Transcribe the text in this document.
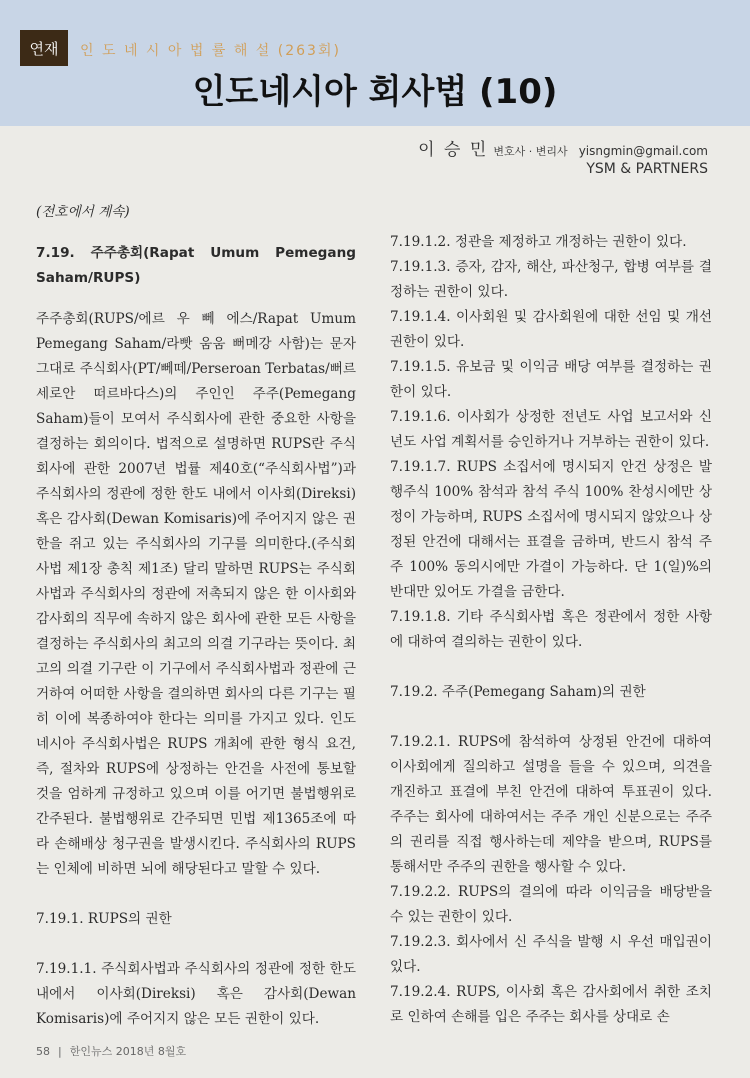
연재	인 도 네 시 아 법 률 해 설 (263회)
인도네시아 회사법 (10)
이 승 민 변호사 · 변리사 yisngmin@gmail.com
YSM & PARTNERS

(전호에서 계속)

7.19. 주주총회(Rapat Umum Pemegang Saham/RUPS)

주주총회(RUPS/에르 우 뻬 에스/Rapat Umum Pemegang Saham/라빳 움움 뻐메강 사함)는 문자 그대로 주식회사(PT/뻬떼/Perseroan Terbatas/뻐르세로안 떠르바다스)의 주인인 주주(Pemegang Saham)들이 모여서 주식회사에 관한 중요한 사항을 결정하는 회의이다. 법적으로 설명하면 RUPS란 주식회사에 관한 2007년 법률 제40호(“주식회사법”)과 주식회사의 정관에 정한 한도 내에서 이사회(Direksi) 혹은 감사회(Dewan Komisaris)에 주어지지 않은 권한을 쥐고 있는 주식회사의 기구를 의미한다.(주식회사법 제1장 총칙 제1조) 달리 말하면 RUPS는 주식회사법과 주식회사의 정관에 저촉되지 않은 한 이사회와 감사회의 직무에 속하지 않은 회사에 관한 모든 사항을 결정하는 주식회사의 최고의 의결 기구라는 뜻이다. 최고의 의결 기구란 이 기구에서 주식회사법과 정관에 근거하여 어떠한 사항을 결의하면 회사의 다른 기구는 필히 이에 복종하여야 한다는 의미를 가지고 있다. 인도네시아 주식회사법은 RUPS 개최에 관한 형식 요건, 즉, 절차와 RUPS에 상정하는 안건을 사전에 통보할 것을 엄하게 규정하고 있으며 이를 어기면 불법행위로 간주된다. 불법행위로 간주되면 민법 제1365조에 따라 손해배상 청구권을 발생시킨다. 주식회사의 RUPS는 인체에 비하면 뇌에 해당된다고 말할 수 있다.

7.19.1. RUPS의 권한

7.19.1.1. 주식회사법과 주식회사의 정관에 정한 한도 내에서 이사회(Direksi) 혹은 감사회(Dewan Komisaris)에 주어지지 않은 모든 권한이 있다.

7.19.1.2. 정관을 제정하고 개정하는 권한이 있다.

7.19.1.3. 증자, 감자, 해산, 파산청구, 합병 여부를 결정하는 권한이 있다.

7.19.1.4. 이사회원 및 감사회원에 대한 선임 및 개선 권한이 있다.

7.19.1.5. 유보금 및 이익금 배당 여부를 결정하는 권한이 있다.

7.19.1.6. 이사회가 상정한 전년도 사업 보고서와 신년도 사업 계획서를 승인하거나 거부하는 권한이 있다.

7.19.1.7. RUPS 소집서에 명시되지 안건 상정은 발행주식 100% 참석과 참석 주식 100% 찬성시에만 상정이 가능하며, RUPS 소집서에 명시되지 않았으나 상정된 안건에 대해서는 표결을 금하며, 반드시 참석 주주 100% 동의시에만 가결이 가능하다. 단 1(일)%의 반대만 있어도 가결을 금한다.

7.19.1.8. 기타 주식회사법 혹은 정관에서 정한 사항에 대하여 결의하는 권한이 있다.

7.19.2. 주주(Pemegang Saham)의 권한

7.19.2.1. RUPS에 참석하여 상정된 안건에 대하여 이사회에게 질의하고 설명을 들을 수 있으며, 의견을 개진하고 표결에 부친 안건에 대하여 투표권이 있다. 주주는 회사에 대하여서는 주주 개인 신분으로는 주주의 권리를 직접 행사하는데 제약을 받으며, RUPS를 통해서만 주주의 권한을 행사할 수 있다.

7.19.2.2. RUPS의 결의에 따라 이익금을 배당받을 수 있는 권한이 있다.

7.19.2.3. 회사에서 신 주식을 발행 시 우선 매입권이 있다.

7.19.2.4. RUPS, 이사회 혹은 감사회에서 취한 조치로 인하여 손해를 입은 주주는 회사를 상대로 손

58 | 한인뉴스 2018년 8월호
